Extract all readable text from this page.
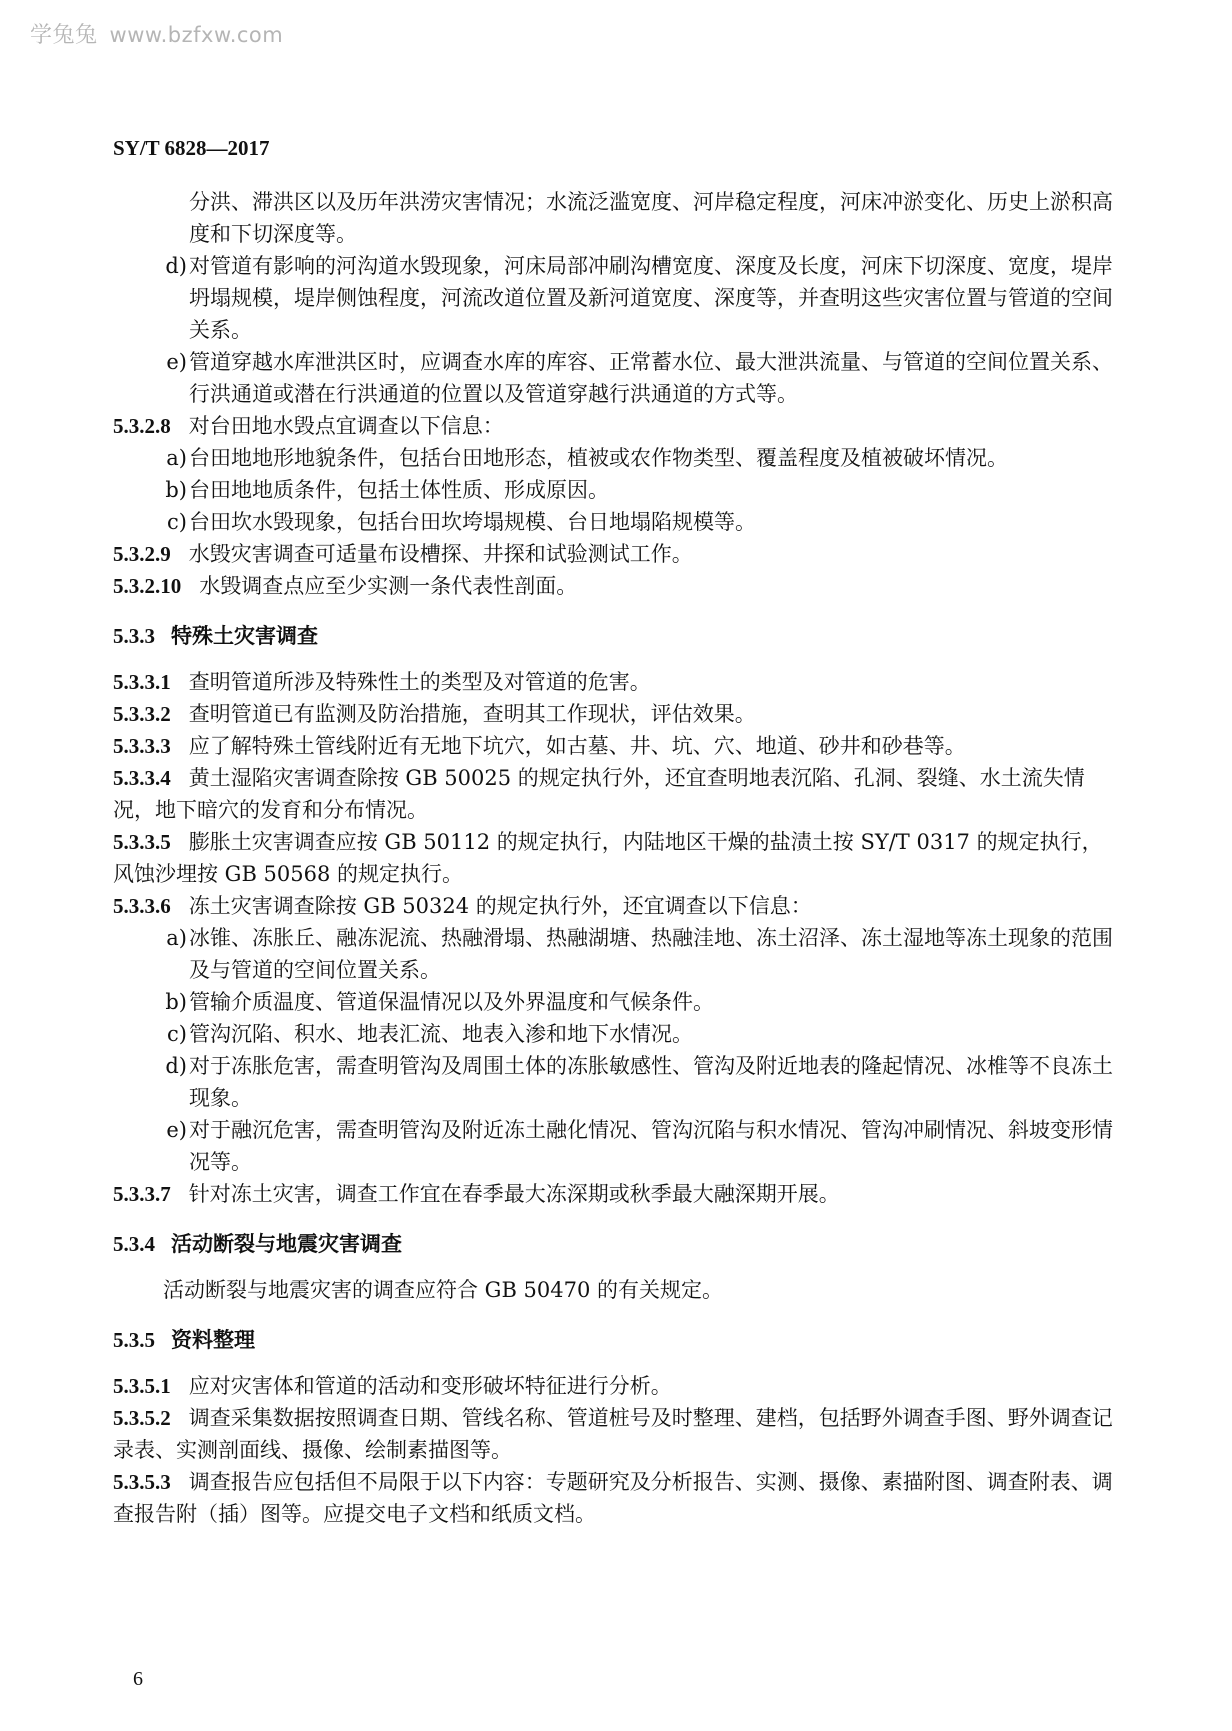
学兔兔 www.bzfxw.com
SY/T 6828—2017

分洪、滞洪区以及历年洪涝灾害情况；水流泛滥宽度、河岸稳定程度，河床冲淤变化、历史上淤积高度和下切深度等。

d) 对管道有影响的河沟道水毁现象，河床局部冲刷沟槽宽度、深度及长度，河床下切深度、宽度，堤岸坍塌规模，堤岸侧蚀程度，河流改道位置及新河道宽度、深度等，并查明这些灾害位置与管道的空间关系。
e) 管道穿越水库泄洪区时，应调查水库的库容、正常蓄水位、最大泄洪流量、与管道的空间位置关系、行洪通道或潜在行洪通道的位置以及管道穿越行洪通道的方式等。

5.3.2.8 对台田地水毁点宜调查以下信息：

a) 台田地地形地貌条件，包括台田地形态，植被或农作物类型、覆盖程度及植被破坏情况。
b) 台田地地质条件，包括土体性质、形成原因。
c) 台田坎水毁现象，包括台田坎垮塌规模、台日地塌陷规模等。

5.3.2.9 水毁灾害调查可适量布设槽探、井探和试验测试工作。

5.3.2.10 水毁调查点应至少实测一条代表性剖面。

5.3.3 特殊土灾害调查

5.3.3.1 查明管道所涉及特殊性土的类型及对管道的危害。

5.3.3.2 查明管道已有监测及防治措施，查明其工作现状，评估效果。

5.3.3.3 应了解特殊土管线附近有无地下坑穴，如古墓、井、坑、穴、地道、砂井和砂巷等。

5.3.3.4 黄土湿陷灾害调查除按 GB 50025 的规定执行外，还宜查明地表沉陷、孔洞、裂缝、水土流失情况，地下暗穴的发育和分布情况。

5.3.3.5 膨胀土灾害调查应按 GB 50112 的规定执行，内陆地区干燥的盐渍土按 SY/T 0317 的规定执行，风蚀沙埋按 GB 50568 的规定执行。

5.3.3.6 冻土灾害调查除按 GB 50324 的规定执行外，还宜调查以下信息：

a) 冰锥、冻胀丘、融冻泥流、热融滑塌、热融湖塘、热融洼地、冻土沼泽、冻土湿地等冻土现象的范围及与管道的空间位置关系。
b) 管输介质温度、管道保温情况以及外界温度和气候条件。
c) 管沟沉陷、积水、地表汇流、地表入渗和地下水情况。
d) 对于冻胀危害，需查明管沟及周围土体的冻胀敏感性、管沟及附近地表的隆起情况、冰椎等不良冻土现象。
e) 对于融沉危害，需查明管沟及附近冻土融化情况、管沟沉陷与积水情况、管沟冲刷情况、斜坡变形情况等。

5.3.3.7 针对冻土灾害，调查工作宜在春季最大冻深期或秋季最大融深期开展。

5.3.4 活动断裂与地震灾害调查

活动断裂与地震灾害的调查应符合 GB 50470 的有关规定。

5.3.5 资料整理

5.3.5.1 应对灾害体和管道的活动和变形破坏特征进行分析。

5.3.5.2 调查采集数据按照调查日期、管线名称、管道桩号及时整理、建档，包括野外调查手图、野外调查记录表、实测剖面线、摄像、绘制素描图等。

5.3.5.3 调查报告应包括但不局限于以下内容：专题研究及分析报告、实测、摄像、素描附图、调查附表、调查报告附（插）图等。应提交电子文档和纸质文档。

6
